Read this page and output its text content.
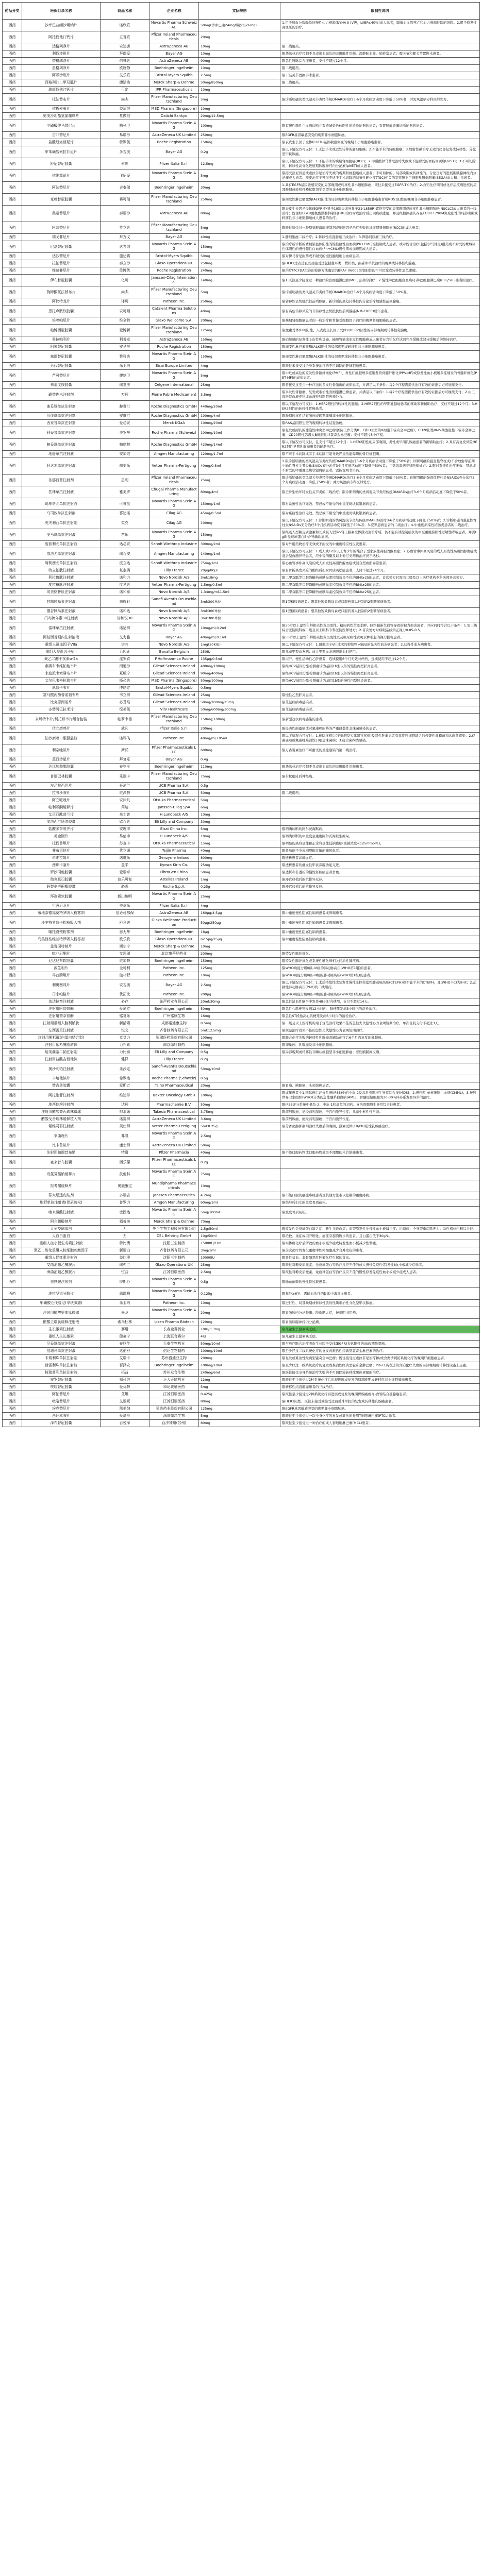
药品分类	医保目录名称	商品名称	企业名称	实际规格	限制性说明
西药	沙库巴曲缬沙坦钠片	诺欣妥	Novartis Pharma Schweiz AG	50mg(沙库巴曲24mg/缬沙坦26mg)	1.用于射血分数降低的慢性心力衰竭(NYHA II-IV级，LVEF≤40%)成人患者，降低心血管死亡和心力衰竭住院的风险。2.用于原发性高血压的治疗。
西药	阿托伐他汀钙片	立普妥	Pfizer Ireland Pharmaceuticals	20mg	
西药	达格列净片	安达唐	AstraZeneca AB	10mg	限二线用药。
西药	利伐沙班片	拜瑞妥	Bayer AG	10mg	限华法林治疗控制不良或出血高危的非瓣膜性房颤、深静脉血栓、肺栓塞患者；髋关节和膝关节置换术患者。
西药	替格瑞洛片	倍林达	AstraZeneca AB	90mg	限急性冠脉综合征患者，支付不超过12个月。
西药	恩格列净片	欧唐静	Boehringer Ingelheim	10mg	限二线用药。
西药	阿哌沙班片	艾乐妥	Bristol-Myers Squibb	2.5mg	限下肢关节置换手术患者。
西药	西格列汀二甲双胍片	捷诺达	Merck Sharp & Dohme	50mg/850mg	限二线用药。
西药	瑞舒伐他汀钙片	可定	IPR Pharmaceuticals	10mg	
西药	托法替布片	尚杰	Pfizer Manufacturing Deutschland	5mg	限诊断明确的类风湿关节炎经传统DMARDs治疗3-6个月疾病活动度下降低于50%者，并需风湿病专科医师处方。
西药	依折麦布片	益适纯	MSD Pharma (Singapore)	10mg	
西药	奥美沙坦酯氢氯噻嗪片	复傲坦	Daiichi Sankyo	20mg/12.5mg	
西药	甲磺酸伊马替尼片	格列卫	Novartis Pharma Stein AG	100mg	限有慢性髓性白血病诊断并有费城染色体阳性的检验证据的患者；有胃肠间质瘤诊断证据的患者。
西药	吉非替尼片	易瑞沙	AstraZeneca UK Limited	250mg	限EGFR基因敏感突变的晚期非小细胞肺癌。
西药	盐酸厄洛替尼片	特罗凯	Roche Registration	150mg	限表皮生长因子受体(EGFR)基因敏感突变的晚期非小细胞肺癌患者。
西药	甲苯磺酸索拉非尼片	多吉美	Bayer AG	0.2g	限以下情况方可支付：1.无法手术或远处转移的肝细胞癌；2.不能手术的肾细胞癌；3.放射性碘治疗无效的局部复发或转移性、分化型甲状腺癌。
西药	舒尼替尼胶囊	索坦	Pfizer Italia S.r.l.	12.5mg	限以下情况方可支付：1.不能手术的晚期肾细胞癌(RCC)；2.甲磺酸伊马替尼治疗失败或不能耐受的胃肠间质瘤(GIST)；3.不可切除的，转移性高分化进展期胰腺神经内分泌瘤(pNET)成人患者。
西药	依维莫司片	飞尼妥	Novartis Pharma Stein AG	5mg	限接受舒尼替尼或索拉非尼治疗失败的晚期肾细胞癌成人患者；不可切除的、局部晚期或转移性的、分化良好的进展期胰腺神经内分泌瘤成人患者；需要治疗干预但不适于手术切除的结节性硬化症(TSC)相关的室管膜下巨细胞星形细胞瘤(SEGA)成人和儿童患者。
西药	阿法替尼片	吉泰瑞	Boehringer Ingelheim	30mg	1.具有EGFR基因敏感突变的局部晚期或转移性非小细胞肺癌，既往未接受过EGFR-TKI治疗；2.含铂化疗期间或化疗后疾病进展的局部晚期或转移性鳞状组织学类型的非小细胞肺癌。
西药	克唑替尼胶囊	赛可瑞	Pfizer Manufacturing Deutschland	250mg	限间变性淋巴瘤激酶(ALK)阳性的局部晚期或转移性非小细胞肺癌患者或ROS1阳性的晚期非小细胞肺癌患者。
西药	奥希替尼片	泰瑞沙	AstraZeneca AB	80mg	限表皮生长因子受体(EGFR)外显子19缺失或外显子21(L858R)置换突变的局部晚期或转移性非小细胞肺癌(NSCLC)成人患者的一线治疗；既往经EGFR酪氨酸激酶抑制剂(TKI)治疗时或治疗后出现疾病进展，并且经检测确认存在EGFR T790M突变阳性的局部晚期或转移性非小细胞肺癌成人患者的治疗。
西药	阿昔替尼片	英立达	Pfizer Manufacturing Deutschland	5mg	限既往接受过一种酪氨酸激酶抑制剂或细胞因子治疗失败的进展期肾细胞癌(RCC)的成人患者。
西药	瑞戈非尼片	拜万戈	Bayer AG	40mg	1.肝细胞癌二线治疗；2.转移性结直肠癌三线治疗；3.胃肠间质瘤三线治疗。
西药	尼洛替尼胶囊	达希纳	Novartis Pharma Stein AG	150mg	限治疗新诊断的费城染色体阳性的慢性髓性白血病(Ph+CML)慢性期成人患者，或对既往治疗(包括伊马替尼)耐药或不耐受的费城染色体阳性的慢性髓性白血病(Ph+CML)慢性期或加速期成人患者。
西药	达沙替尼片	施达赛	Bristol-Myers Squibb	50mg	限对伊马替尼耐药或不耐受的慢性髓细胞白血病患者。
西药	拉帕替尼片	泰立沙	Glaxo Operations UK	250mg	限HER2过表达且既往接受过包括蒽环类、紫杉类、曲妥珠单抗治疗的晚期或转移性乳腺癌。
西药	维莫非尼片	佐博伏	Roche Registration	240mg	限治疗经CFDA批准的检测方法确定的BRAF V600E突变阳性的不可切除或转移性黑色素瘤。
西药	伊布替尼胶囊	亿珂	Janssen-Cilag International	140mg	限1.既往至少接受过一种治疗的套细胞淋巴瘤(MCL)患者的治疗；2.慢性淋巴细胞白血病/小淋巴细胞淋巴瘤(CLL/SLL)患者的治疗。
西药	枸橼酸托法替布片	尚杰	Pfizer Manufacturing Deutschland	5mg	限诊断明确的类风湿关节炎经传统DMARDs治疗3-6个月疾病活动度下降低于50%者。
西药	阿比特龙片	泽珂	Patheon Inc.	250mg	限转移性去势抵抗性前列腺癌、新诊断的高危转移性内分泌治疗敏感性前列腺癌。
西药	恩扎卢胺软胶囊	安可坦	Catalent Pharma Solutions	40mg	限有高危转移风险的非转移性去势抵抗性前列腺癌(NM-CRPC)成年患者。
西药	培唑帕尼片	维全特	Glaxo Wellcome S.A.	200mg	限晚期肾细胞癌患者的一线治疗和曾接受细胞因子治疗的晚期肾细胞癌的患者。
西药	帕博西尼胶囊	爱博新	Pfizer Manufacturing Deutschland	125mg	限激素受体(HR)阳性、人表皮生长因子受体2(HER2)阴性的局部晚期或转移性乳腺癌。
西药	奥拉帕利片	利普卓	AstraZeneca AB	150mg	限铂敏感的复发性上皮性卵巢癌、输卵管癌或原发性腹膜癌成人患者在含铂化疗达到完全缓解或部分缓解后的维持治疗。
西药	阿来替尼胶囊	安圣莎	Roche Registration	150mg	限间变性淋巴瘤激酶(ALK)阳性的局部晚期或转移性非小细胞肺癌患者。
西药	塞瑞替尼胶囊	赞可达	Novartis Pharma Stein AG	150mg	限间变性淋巴瘤激酶(ALK)阳性的局部晚期或转移性非小细胞肺癌患者。
西药	仑伐替尼胶囊	乐卫玛	Eisai Europe Limited	4mg	限既往未接受过全身系统治疗的不可切除的肝细胞癌患者。
西药	芦可替尼片	捷恪卫	Novartis Pharma Stein AG	5mg	限中危或高危的原发性骨髓纤维化(PMF)、真性红细胞增多症继发的骨髓纤维化(PPV-MF)或原发性血小板增多症继发的骨髓纤维化(PET-MF)的成年患者。
西药	来那度胺胶囊	瑞复美	Celgene International	25mg	限曾接受过至少一种疗法的多发性骨髓瘤的成年患者，并满足以下条件：每2个疗程需提供治疗有效的证据后方可继续支付。
西药	硼替佐米注射剂	万珂	Pierre Fabre Medicament	3.5mg	限多发性骨髓瘤、复发或难治性套细胞淋巴瘤患者，并满足以下条件：1.每2个疗程需提供治疗有效的证据后方可继续支付；2.由三级医院血液专科或血液专科医院医师处方。
西药	曲妥珠单抗注射剂	赫赛汀	Roche Diagnostics GmbH	440mg/20ml	限以下情况方可支付：1.HER2阳性的转移性乳腺癌；2.HER2阳性的早期乳腺癌患者的辅助和新辅助治疗，支付不超过12个月；3.HER2阳性的转移性胃癌患者。
西药	贝伐珠单抗注射剂	安维汀	Roche Diagnostics GmbH	100mg/4ml	限晚期转移性结直肠癌或晚期非鳞非小细胞肺癌。
西药	西妥昔单抗注射剂	爱必妥	Merck KGaA	100mg/20ml	限RAS基因野生型的晚期转移性结直肠癌。
西药	利妥昔单抗注射剂	美罗华	Roche Pharma (Schweiz)	100mg/10ml	限复发或耐药的滤泡性中央型淋巴瘤(国际工作分类B、C和D亚型的B细胞非霍奇金淋巴瘤)，CD20阳性III-IV期滤泡性非霍奇金淋巴瘤，CD20阳性弥漫大B细胞性非霍奇金淋巴瘤；支付不超过8个疗程。
西药	帕妥珠单抗注射液	帕捷特	Roche Diagnostics GmbH	420mg/14ml	限以下情况方可支付，且支付不超过12个月：1.HER2阳性的局部晚期、炎性或早期乳腺癌患者的新辅助治疗；2.具有高复发风险HER2阳性早期乳腺癌患者的辅助治疗。
西药	地舒单抗注射液	安加维	Amgen Manufacturing	120mg/1.7ml	限不可手术切除或者手术切除可能导致严重功能障碍的骨巨细胞瘤。
西药	阿达木单抗注射液	修美乐	Vetter Pharma-Fertigung	40mg/0.8ml	1.限诊断明确的类风湿关节炎经传统DMARDs治疗3-6个月疾病活动度下降低于50%者；诊断明确的强直性脊柱炎(不含放射学前期中轴性脊柱关节炎)NSAIDs充分治疗3个月疾病活动度下降低于50%者；并需风湿病专科医师处方。2.限对系统性治疗无效、禁忌或不耐受的中重度斑块状银屑病患者，需按说明书用药。
西药	依那西普注射剂	恩利	Pfizer Ireland Pharmaceuticals	25mg	限诊断明确的类风湿关节炎经传统DMARDs治疗3-6个月疾病活动度下降低于50%者；诊断明确的强直性脊柱炎NSAIDs充分治疗3个月疾病活动度下降低于50%者；并需风湿病专科医师处方。
西药	托珠单抗注射液	雅美罗	Chugai Pharma Manufacturing	80mg/4ml	限全身型幼年特发性关节炎的二线治疗；限诊断明确的类风湿关节炎经传统DMARDs治疗3-6个月疾病活动度下降低于50%者。
西药	司库奇尤单抗注射液	可善挺	Novartis Pharma Stein AG	150mg/1ml	限对系统性治疗无效、禁忌或不耐受的中重度斑块状银屑病患者。
西药	乌司奴单抗注射液	喜达诺	Cilag AG	45mg/0.5ml	限对系统性治疗无效、禁忌或不耐受的中重度斑块状银屑病患者。
西药	英夫利西单抗注射剂	类克	Cilag AG	100mg	限以下情况方可支付：1.诊断明确的类风湿关节炎经传统DMARDs治疗3-6个月疾病活动度下降低于50%者；2.诊断明确的强直性脊柱炎NSAIDs充分治疗3个月疾病活动度下降低于50%者；3.克罗恩病患者的二线治疗；4.中重度溃疡性结肠炎患者的二线治疗。
西药	奥马珠单抗注射液	茁乐	Novartis Pharma Stein AG	150mg	限经吸入型糖皮质激素和长效吸入型β2-肾上腺素受体激动剂治疗后，仍不能有效控制症状的中至重度持续性过敏性哮喘患者，并需IgE(免疫球蛋白E)介导确诊证据。
西药	度普利尤单抗注射液	达必妥	Sanofi Winthrop Industrie	300mg/2ml	限对外用药物治疗无效或不耐受的中重度特应性皮炎患者。
西药	依洛尤单抗注射液	瑞百安	Amgen Manufacturing	140mg/1ml	限以下情况方可支付：1.成人或12岁以上青少年的纯合子型家族性高胆固醇血症；2.心血管事件高风险的成人原发性高胆固醇血症或混合型血脂异常患者，经中等剂量及以上他汀类药物治疗仍不达标。
西药	阿利西尤单抗注射液	波立达	Sanofi Winthrop Industrie	75mg/1ml	限心血管事件高风险的成人原发性高胆固醇血症或混合型血脂异常患者。
西药	特立帕肽注射液	复泰奥	Lilly France	20μg/80μl	限有骨折高发风险的绝经后妇女骨质疏松症患者，支付不超过24个月。
西药	利拉鲁肽注射液	诺和力	Novo Nordisk A/S	3ml:18mg	限二甲双胍等口服降糖药或胰岛素控制效果不佳的BMI≥25的患者，首次处方时需由二级及以上医疗机构专科医师开具处方。
西药	度拉糖肽注射液	度易达	Vetter Pharma-Fertigung	1.5mg/0.5ml	限二甲双胍等口服降糖药或胰岛素控制效果不佳的BMI≥25的患者。
西药	司美格鲁肽注射液	诺和泰	Novo Nordisk A/S	1.34mg/ml,1.5ml	限二甲双胍等口服降糖药或胰岛素控制效果不佳的BMI≥25的患者。
西药	甘精胰岛素注射液	来得时	Sanofi-Aventis Deutschland	3ml:300单位	限1型糖尿病患者；限其他短效胰岛素或口服药难以控制的2型糖尿病患者。
西药	德谷胰岛素注射液	诺和达	Novo Nordisk A/S	3ml:300单位	限1型糖尿病患者；限其他短效胰岛素或口服药难以控制的2型糖尿病患者。
西药	门冬胰岛素30注射液	诺和锐30	Novo Nordisk A/S	3ml:300单位	
西药	雷珠单抗注射液	诺适得	Novartis Pharma Stein AG	10mg/ml,0.2ml	限50岁以上湿性年龄相关性黄斑变性、糖尿病性黄斑水肿、脉络膜新生血管导致的视力损害患者，并应同时符合以下条件：1.需三级综合医院眼科或二级及以上眼科专科医院医师处方；2.首次处方时病眼基线矫正视力0.05-0.5。
西药	阿柏西普眼内注射溶液	艾力雅	Bayer AG	40mg/ml,0.1ml	限50岁以上湿性年龄相关性黄斑变性以及糖尿病性黄斑水肿引起的视力损害患者。
西药	重组人凝血因子VIIa	诺其	Novo Nordisk A/S	1mg(50KIU)	限以下情况方可支付：1.凝血因子VIII或IX的抑制物>5BU的先天性血友病患者；2.获得性血友病患者。
西药	重组人凝血因子VIII	百因止	Baxalta Belgium	250IU	限儿童甲型血友病；成人甲型血友病限出血时使用。
西药	聚乙二醇干扰素α-2a	派罗欣	F.Hoffmann-La Roche	135μg/0.5ml	限丙肝、慢性活动性乙肝患者，连续使用6个月无效时停药，连续使用不超过12个月。
西药	索磷布韦维帕他韦片	丙通沙	Gilead Sciences Ireland	400mg/100mg	限经HCV基因分型检测确诊为基因1b型以外的慢性丙型肝炎患者。
西药	来迪派韦索磷布韦片	夏帆宁	Gilead Sciences Ireland	90mg/400mg	限经HCV基因分型检测确诊为基因1b型以外的慢性丙型肝炎患者。
西药	艾尔巴韦格拉瑞韦片	择必达	MSD Pharma (Singapore)	50mg/100mg	限经HCV基因分型检测确诊为基因1b型的慢性丙型肝炎患者。
西药	恩替卡韦片	博路定	Bristol-Myers Squibb	0.5mg	
西药	富马酸丙酚替诺福韦片	韦立得	Gilead Sciences Ireland	25mg	限慢性乙型肝炎患者。
西药	比克恩丙诺片	必妥维	Gilead Sciences Ireland	50mg/200mg/25mg	限艾滋病病毒感染者。
西药	多替阿巴拉米片	绥美凯	ViiV Healthcare	50mg/600mg/300mg	限艾滋病病毒感染者。
西药	奈玛特韦片/利托那韦片组合包装	帕罗韦德	Pfizer Manufacturing Deutschland	150mg;100mg	限新型冠状病毒感染的患者。
西药	伏立康唑片	威凡	Pfizer Italia S.r.l.	200mg	限侵袭性曲霉病或对氟康唑耐药的严重侵袭性念珠菌感染的患者。
西药	泊沙康唑口服混悬液	诺科飞	Patheon Inc.	40mg/ml,105ml	限以下情况方可支付：1.预防移植后(干细胞及实体器官移植)及恶性肿瘤患者有重度粒细胞缺乏的侵袭性曲霉菌和念珠菌感染；2.伊曲康唑或氟康唑难治性口咽念珠菌病；3.接合菌纲类感染。
西药	利奈唑胺片	斯沃	Pfizer Pharmaceuticals LLC	600mg	限万古霉素治疗不可耐受的重症感染的第二线治疗。
西药	莫西沙星片	拜复乐	Bayer AG	0.4g	
西药	达比加群酯胶囊	泰毕全	Boehringer Ingelheim	110mg	限华法林治疗控制不良或出血高危的非瓣膜性房颤患者。
西药	普瑞巴林胶囊	乐瑞卡	Pfizer Manufacturing Deutschland	75mg	限带状疱疹后神经痛。
西药	左乙拉西坦片	开浦兰	UCB Pharma S.A.	0.5g	
西药	拉考沙胺片	维派特	UCB Pharma S.A.	50mg	限二线用药。
西药	阿立哌唑片	安律凡	Otsuka Pharmaceutical	5mg	
西药	帕利哌酮缓释片	芮达	Janssen-Cilag SpA	6mg	
西药	艾司西酞普兰片	来士普	H.Lundbeck A/S	10mg	
西药	度洛西汀肠溶胶囊	欣百达	Eli Lilly and Company	30mg	
西药	盐酸多奈哌齐片	安理申	Eisai China Inc.	5mg	限明确诊断的阿尔茨海默病。
西药	美金刚片	易倍申	H.Lundbeck A/S	10mg	限明确诊断的中重度至重度阿尔茨海默型痴呆。
西药	托伐普坦片	苏麦卡	Otsuka Pharmaceutical	15mg	限明显的高容量性和正常容量性低钠血症(血钠浓度<125mmol/L)。
西药	非布司他片	优立通	Teijin Pharma	40mg	限肾功能不全或别嘌醇过敏的痛风患者。
西药	司维拉姆片	诺维乐	Genzyme Ireland	800mg	限透析患者高磷血症。
西药	西那卡塞片	盖平	Kyowa Kirin Co.	25mg	限透析患者的继发性甲状旁腺功能亢进。
西药	罗沙司他胶囊	爱瑞卓	FibroGen China	50mg	限透析和非透析的慢性肾脏病患者贫血。
西药	他克莫司胶囊	普乐可复	Astellas Ireland	1mg	限器官移植后的抗排异反应。
西药	吗替麦考酚酯胶囊	骁悉	Roche S.p.A.	0.25g	限器官移植后的抗排异反应。
西药	环孢素软胶囊	新山地明	Novartis Pharma Stein AG	25mg	
西药	甲泼尼龙片	美卓乐	Pfizer Italia S.r.l.	4mg	
西药	布地奈德福莫特罗吸入粉雾剂	信必可都保	AstraZeneca AB	160μg/4.5μg	限中重度慢性阻塞性肺病患者或哮喘患者。
西药	沙美特罗替卡松粉吸入剂	舒利迭	Glaxo Wellcome Production	50μg/250μg	限中重度慢性阻塞性肺病患者或哮喘患者。
西药	噻托溴铵粉雾剂	思力华	Boehringer Ingelheim	18μg	限中重度慢性阻塞性肺病患者。
西药	乌美溴铵维兰特罗吸入粉雾剂	欧乐欣	Glaxo Operations UK	62.5μg/25μg	限中重度慢性阻塞性肺病患者。
西药	孟鲁司特钠片	顺尔宁	Merck Sharp & Dohme	10mg	
西药	吡非尼酮片	艾思瑞	北京康蒂尼药业	200mg	限特发性肺纤维化。
西药	尼达尼布软胶囊	维加特	Boehringer Ingelheim	150mg	限特发性肺纤维化或系统性硬化病相关间质性肺疾病。
西药	波生坦片	全可利	Patheon Inc.	125mg	限WHO功能分级II级-IV级的肺动脉高压(WHO第1组)的患者。
西药	马昔腾坦片	傲朴舒	Patheon Inc.	10mg	限WHO功能分级II级-III级的肺动脉高压(WHO第1组)的患者。
西药	利奥西呱片	安吉奥	Bayer AG	2.5mg	限以下情况方可支付：1.术后持续性或复发性慢性血栓栓塞性肺动脉高压(CTEPH)或不能手术的CTEPH，且(WHO FC)为II-III；2.动脉性肺动脉高压(PAH)的二线用药。
西药	司来帕格片	优拓比	Patheon Inc.	200μg	限WHO功能分级II级-III级的肺动脉高压(WHO第1组)的患者。
西药	依达拉奉注射液	必存	先声药业有限公司	20ml:30mg	限急性缺血性脑卒中发作48小时内使用，支付不超过14天。
西药	注射用阿替普酶	爱通立	Boehringer Ingelheim	50mg	限急性心肌梗死发病12小时内、脑梗死发病3小时内的溶栓治疗。
西药	注射用替奈普酶	铭复乐	广州铭康生物	16mg	限急性ST段抬高心肌梗死发病6小时内的溶栓治疗。
西药	注射用重组人脑利钠肽	新活素	成都诺迪康生物	0.5mg	限二级及以上医疗机构用于规范治疗效果不佳的急性失代偿性心力衰竭短期治疗，单次住院支付不超过3天。
西药	左西孟旦注射液	悦文	齐鲁制药有限公司	5ml:12.5mg	限规范治疗效果不佳的急性失代偿性心力衰竭短期治疗。
西药	注射用紫杉醇(白蛋白结合型)	克艾力	恒瑞医药股份有限公司	100mg	限联合化疗失败的转移性乳腺癌或辅助化疗后6个月内复发的乳腺癌。
西药	注射用紫杉醇脂质体	力扑素	南京绿叶制药	30mg	限卵巢癌、乳腺癌及非小细胞肺癌。
西药	培美曲塞二钠注射剂	力比泰	Eli Lilly and Company	0.5g	限局部晚期或转移性非鳞状细胞型非小细胞肺癌；恶性胸膜间皮瘤。
西药	注射用盐酸吉西他滨	健择	Lilly France	0.2g	
西药	奥沙利铂注射液	乐沙定	Sanofi-Aventis Deutschland	50mg/10ml	
西药	卡培他滨片	希罗达	Roche Pharma (Schweiz)	0.5g	
西药	替吉奥胶囊	爱斯万	Taiho Pharmaceutical	20mg	限胃癌、胰腺癌、头颈部癌患者。
西药	阿扎胞苷注射剂	维达莎	Baxter Oncology GmbH	100mg	限成年患者中1.国际预后评分系统(IPSS)中的中危-2及高危骨髓增生异常综合征(MDS)；2.慢性粒-单核细胞白血病(CMML)；3.按照世界卫生组织(WHO)分类的急性髓系白血病(AML)、骨髓原始细胞为20-30%伴多系发育异常的治疗。
西药	地西他滨注射剂	达珂	Pharmachemie B.V.	50mg	限IPSS评分系统中低危-2、中危-1和高危的初治、复治骨髓增生异常综合征患者。
西药	注射用醋酸亮丙瑞林微球	抑那通	Takeda Pharmaceutical	3.75mg	限前列腺癌、绝经前乳腺癌、子宫内膜异位症；儿童中枢性性早熟。
西药	醋酸戈舍瑞林缓释植入剂	诺雷得	AstraZeneca UK Limited	3.6mg	限前列腺癌、绝经前乳腺癌、子宫内膜异位症。
西药	氟维司群注射液	芙仕得	Vetter Pharma-Fertigung	5ml:0.25g	限芳香化酶抑制剂治疗失败后的晚期、激素受体(ER/PR)阳性乳腺癌治疗。
西药	来曲唑片	弗隆	Novartis Pharma Stein AG	2.5mg	
西药	比卡鲁胺片	康士得	AstraZeneca UK Limited	50mg	
西药	注射用帕瑞昔布钠	特耐	Pfizer Pharmacia	40mg	限不能口服药物或口服药物效果不理想的术后镇痛患者。
西药	塞来昔布胶囊	西乐葆	Pfizer Pharmaceuticals LLC	0.2g	
西药	双氯芬酸钠缓释片	扶他林	Novartis Pharma Stein AG	75mg	
西药	羟考酮缓释片	奥施康定	Mundipharma Pharmaceuticals	10mg	
西药	芬太尼透皮贴剂	多瑞吉	Janssen Pharmaceutica	4.2mg	限不能口服的癌症疼痛患者及其他方法难以控制的重度疼痛。
西药	地舒单抗注射液(骨质疏松)	普罗力	Amgen Manufacturing	60mg/1ml	限绝经后妇女的重度骨质疏松。
西药	唑来膦酸注射液	密固达	Novartis Pharma Stein AG	5mg/100ml	限重度骨质疏松。
西药	阿仑膦酸钠片	福善美	Merck Sharp & Dohme	70mg	
西药	人免疫球蛋白	无	华兰生物工程股份有限公司	2.5g/50ml	限原发性免疫球蛋白缺乏症；新生儿败血症；重型原发性免疫性血小板减少症；川崎病；全身型重症肌无力；急性格林巴利综合征。
西药	人血白蛋白	无	CSL Behring GmbH	10g/50ml	限抢救、重症或因肝硬化、癌症引起胸腹水的患者，且白蛋白低于30g/L。
西药	重组人血小板生成素注射液	特比澳	沈阳三生制药	15000U/1ml	限实体瘤化疗后所致的血小板减少症或特发性血小板减少性紫癜。
西药	聚乙二醇化重组人粒细胞刺激因子	新瑞白	齐鲁制药有限公司	3mg/1ml	限前次化疗曾发生重度中性粒细胞减少合并发热的患者。
西药	重组人促红素注射液	益比奥	沈阳三生制药	10000IU	限肾性贫血、非骨髓恶性肿瘤化疗引起的贫血。
西药	艾曲泊帕乙醇胺片	瑞弗兰	Glaxo Operations UK	25mg	限既往对糖皮质激素、免疫球蛋白等治疗反应不佳的成人慢性免疫性(特发性)血小板减少症患者。
西药	海曲泊帕乙醇胺片	恒曲	江苏恒瑞医药	2.5mg	限既往对糖皮质激素、免疫球蛋白等治疗反应不佳的慢性原发免疫性血小板减少症成人患者。
西药	去铁胺注射剂	得斯芬	Novartis Pharma Stein AG	0.5g	限输血依赖的慢性铁过载患者。
西药	地拉罗司分散片	恩瑞格	Novartis Pharma Stein AG	0.125g	限年龄≥6岁、需输血治疗的β-地中海贫血患者。
西药	甲磺酸仑伐替尼(甲状腺癌)	乐卫玛	Patheon Inc.	10mg	限进行性、局部晚期或转移性放射性碘难治性分化型甲状腺癌。
西药	注射用醋酸奥曲肽微球	善龙	Novartis Pharma Stein AG	20mg	限胃肠胰内分泌肿瘤；肢端肥大症，按说明书用药。
西药	醋酸兰瑞肽缓释注射液	索马杜林	Ipsen Pharma Biotech	120mg	限胃肠胰腺神经内分泌瘤。
西药	生长激素注射液	赛增	长春金赛药业	10IU/3.3mg	限儿童生长激素缺乏症。
西药	重组人生长激素	健豪宁	上海联合赛尔	4IU	限儿童生长激素缺乏症。
西药	尼妥珠单抗注射液	泰欣生	百泰生物药业	50mg/10ml	限与放疗联合治疗表皮生长因子受体(EGFR)表达阳性的III/IV期鼻咽癌。
西药	信迪利单抗注射液	达伯舒	信达生物制药	100mg/10ml	限至少经过二线系统化疗的复发或难治性经典型霍奇金淋巴瘤的治疗。
西药	卡瑞利珠单抗注射剂	艾瑞卡	苏州盛迪亚生物	200mg	限复发或难治性经典型霍奇金淋巴瘤；既往接受过索拉非尼治疗和/或含奥沙利铂系统化疗的晚期肝细胞癌患者。
西药	替雷利珠单抗注射液	百泽安	Boehringer Ingelheim	100mg/10ml	限至少经过二线系统化疗的复发或难治性经典型霍奇金淋巴瘤；PD-L1高表达的含铂化疗失败的局部晚期或转移性尿路上皮癌。
西药	特瑞普利单抗注射液	拓益	苏州众合生物	240mg/6ml	限既往接受全身系统治疗失败的不可切除或转移性黑色素瘤的治疗。
西药	安罗替尼胶囊	福可维	正大天晴药业	12mg	限既往至少接受过2种系统化疗后出现进展或复发的局部晚期或转移性非小细胞肺癌患者。
西药	呋喹替尼胶囊	爱优特	和记黄埔医药	5mg	限转移性结直肠癌患者的三线治疗。
西药	阿帕替尼片	艾坦	江苏恒瑞医药	0.425g	限既往至少接受过2种系统化疗后进展或复发的晚期胃腺癌或胃-食管结合部腺癌患者。
西药	吡咯替尼片	艾瑞妮	江苏恒瑞医药	80mg	限HER2阳性、既往未接受或接受过曲妥珠单抗的复发或转移性乳腺癌患者。
西药	埃克替尼片	凯美纳	贝达药业股份有限公司	125mg	限EGFR基因敏感突变的晚期非小细胞肺癌。
西药	西达本胺片	爱谱沙	深圳微芯生物	5mg	限既往至少接受过一次全身化疗的复发或难治的外周T细胞淋巴瘤(PTCL)患者。
西药	泽布替尼胶囊	百悦泽	百济神州(苏州)	80mg	限既往至少接受过一种治疗的成人套细胞淋巴瘤(MCL)患者。
